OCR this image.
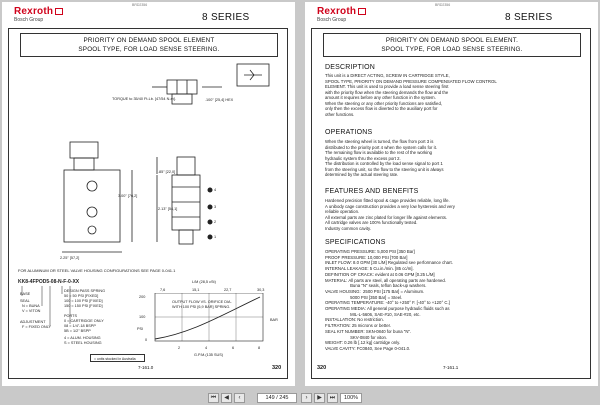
Rexroth
Bosch Group
BRD2356
8 SERIES
PRIORITY ON DEMAND SPOOL ELEMENT
SPOOL TYPE, FOR LOAD SENSE STEERING.
TORQUE to 35/40 Ft-Lb. [47/54 N-m].	.100" [25,4] HEX
.85" [22,0]
2.13" [54,1]
3.00" [76,2]
2.25" [57,2]
4
3
2
1
FOR ALUMINUM OR STEEL VALVE HOUSING CONFIGURATIONS SEE PAGE 0-041.1
KK8-4FPOD5-08-N-F-0-XX
BASE
SEAL
N = BUNA
V = VITON
ADJUSTMENT
F = FIXED ONLY
DESIGN PASS SPRING
50 = 50 PSI [FIXED]
100 = 100 PSI [FIXED]
150 = 150 PSI [FIXED]
PORTS
0 = CARTRIDGE ONLY
08 = 1/4"-18 BSPP
5B = 1/2" BSPP
4 = ALUM. HOUSING
S = STEEL HOUSING
L/M (28,5 cSt)
7,6	15,1	22,7	30,3
OUTPUT FLOW VS. ORIFICE DIA.
WITH 100 PSI [6,9 BAR] SPRING.
200
100
0
PSI
BAR
2	4	6	8
G.P.M.(135 SUS)
= units stocked in Australia
7-161.0	320
Rexroth
Bosch Group
BRD2356
8 SERIES
PRIORITY ON DEMAND SPOOL ELEMENT.
SPOOL TYPE, FOR LOAD SENSE STEERING.
DESCRIPTION
This unit is a DIRECT ACTING, SCREW IN CARTRIDGE STYLE,
SPOOL TYPE, PRIORITY ON DEMAND PRESSURE COMPENSATED FLOW CONTROL
ELEMENT. This unit is used to provide a load sense steering first
with the priority flow when the steering demands the flow and the
amount it requires before any other function in the system.
When the steering or any other priority functions are satisfied,
only then the excess flow is diverted to the auxiliary port for
other functions.
OPERATIONS
When the steering wheel is turned, the flow from port 3 is
distributed to the priority port 4 when the system calls for it.
The remaining flow is available to the rest of the working
hydraulic system thru the excess port 2.
The distribution is controlled by the load sense signal to port 1
from the steering unit, so the flow to the steering unit is always
determined by the actual steering rate.
FEATURES AND BENEFITS
Hardened precision fitted spool & cage provides reliable, long life.
A unibody cage construction provides a very low hysteresis and very
reliable operation.
All external parts are zinc plated for longer life against elements.
All cartridge valves are 100% functionally tested.
Industry common cavity.
SPECIFICATIONS
OPERATING PRESSURE: 5,000 PSI [350 Bar]
PROOF PRESSURE: 10,000 PSI [700 Bar]
INLET FLOW: 8.0 GPM [30 L/M] Regulated see performance chart.
INTERNAL LEAKAGE: 5 Cu.in./min. [85 cc/m].
DEFINITION OF CRACK: evident at 0.06 GPM [0.25 L/M]
MATERIAL: All parts are steel, all operating parts are hardened.
Buna "N" seals, teflon back-up washers.
VALVE HOUSING:  2500 PSI [175 Bar] = Aluminum.
5000 PSI [350 Bar] = Steel.
OPERATING TEMPERATURE: -40° to +250° F. [-40° to +120° C.]
OPERATING MEDIA: All general purpose hydraulic fluids such as
MIL-L-5606, SAE-#10, SAE-#20, etc.
INSTALLATION: No restriction.
FILTRATION: 25 microns or better.
SEAL KIT NUMBER: SKN-0840 for buna "N".
SKV-0840 for viton.
WEIGHT: 0.26 lb [.12 kg] cartridge only.
VALVE CAVITY: FC0840, See Page 0-041.0.
320	7-161.1
⏮	◀	‹	149 / 245	›	▶	⏭	100%
